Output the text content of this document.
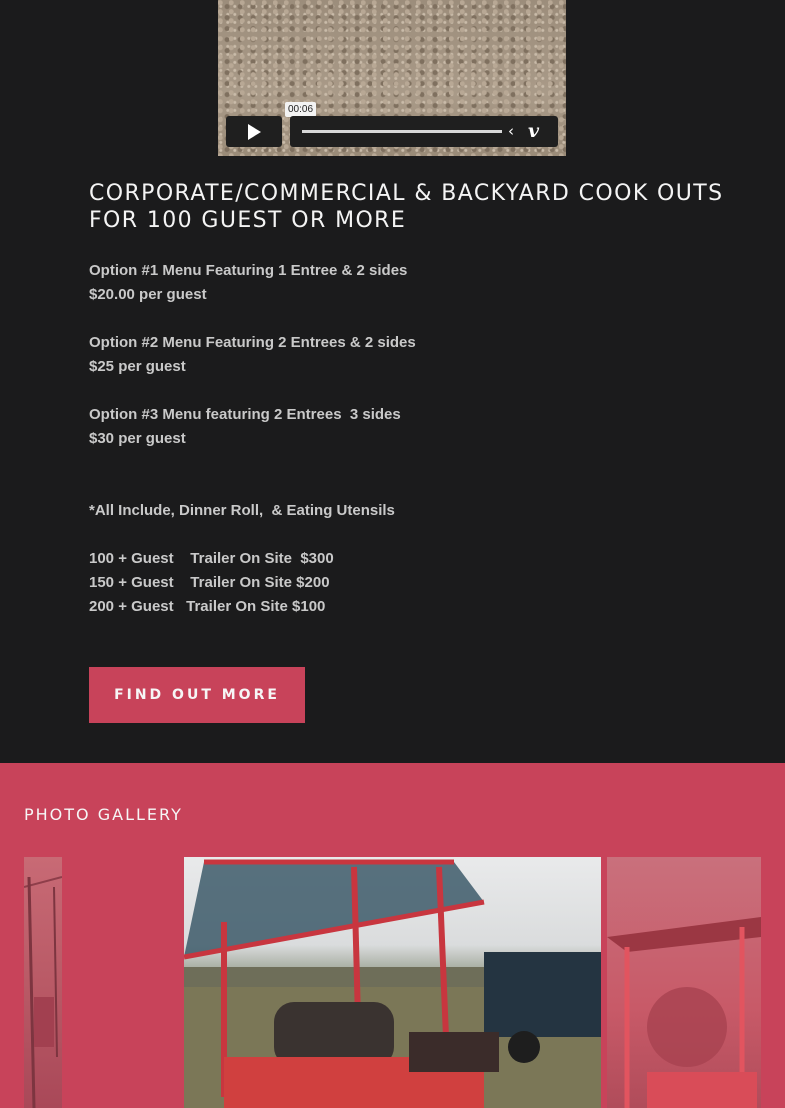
00:06
‹ v
CORPORATE/COMMERCIAL & BACKYARD COOK OUTS FOR 100 GUEST OR MORE
Option #1 Menu Featuring 1 Entree & 2 sides
$20.00 per guest
Option #2 Menu Featuring 2 Entrees & 2 sides
$25 per guest
Option #3 Menu featuring 2 Entrees  3 sides
$30 per guest
*All Include, Dinner Roll,  & Eating Utensils
100 + Guest    Trailer On Site  $300
150 + Guest    Trailer On Site $200
200 + Guest   Trailer On Site $100
FIND OUT MORE
PHOTO GALLERY
